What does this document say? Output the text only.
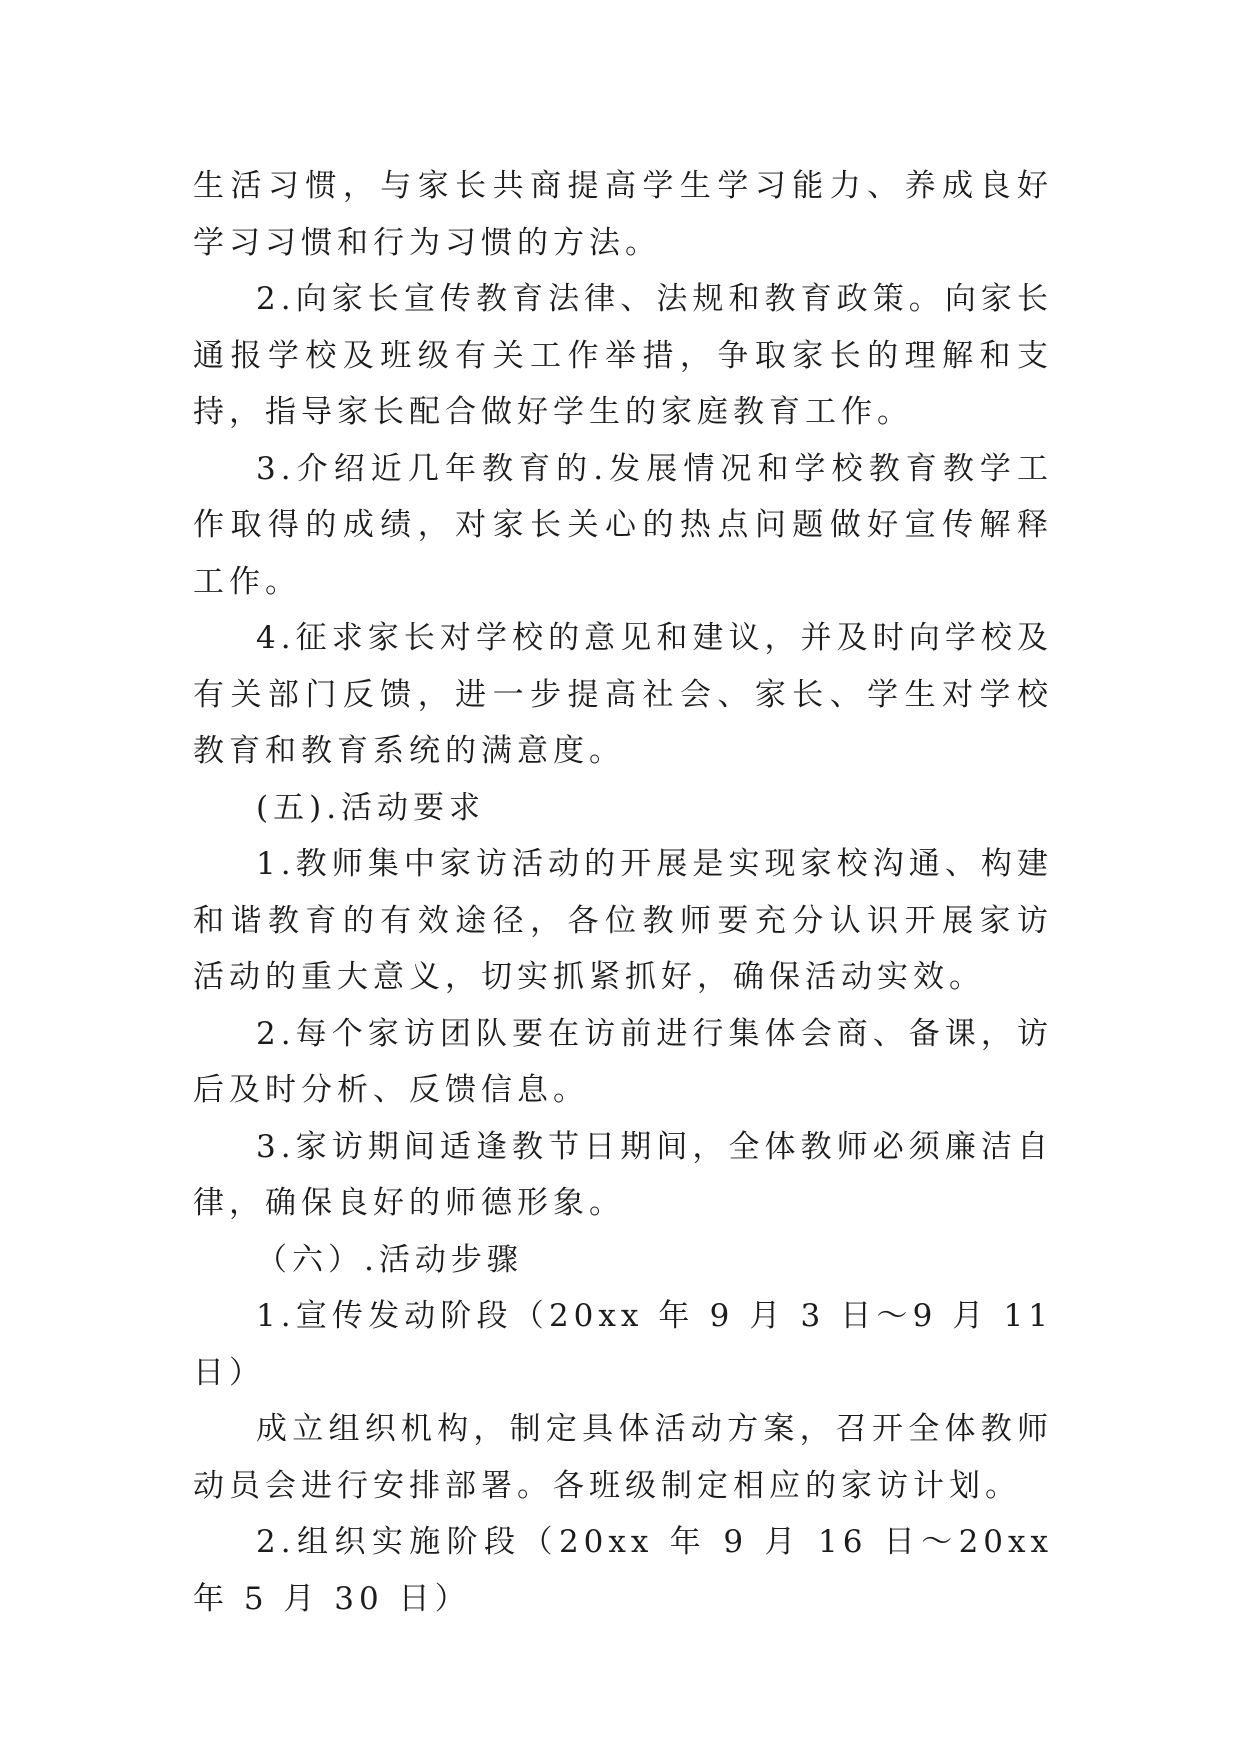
生活习惯，与家长共商提高学生学习能力、养成良好学习习惯和行为习惯的方法。

2.向家长宣传教育法律、法规和教育政策。向家长通报学校及班级有关工作举措，争取家长的理解和支持，指导家长配合做好学生的家庭教育工作。

3.介绍近几年教育的.发展情况和学校教育教学工作取得的成绩，对家长关心的热点问题做好宣传解释工作。

4.征求家长对学校的意见和建议，并及时向学校及有关部门反馈，进一步提高社会、家长、学生对学校教育和教育系统的满意度。

(五).活动要求

1.教师集中家访活动的开展是实现家校沟通、构建和谐教育的有效途径，各位教师要充分认识开展家访活动的重大意义，切实抓紧抓好，确保活动实效。

2.每个家访团队要在访前进行集体会商、备课，访后及时分析、反馈信息。

3.家访期间适逢教节日期间，全体教师必须廉洁自律，确保良好的师德形象。

（六）.活动步骤

1.宣传发动阶段（20xx 年 9 月 3 日～9 月 11 日）

成立组织机构，制定具体活动方案，召开全体教师动员会进行安排部署。各班级制定相应的家访计划。

2.组织实施阶段（20xx 年 9 月 16 日～20xx 年 5 月 30 日）
